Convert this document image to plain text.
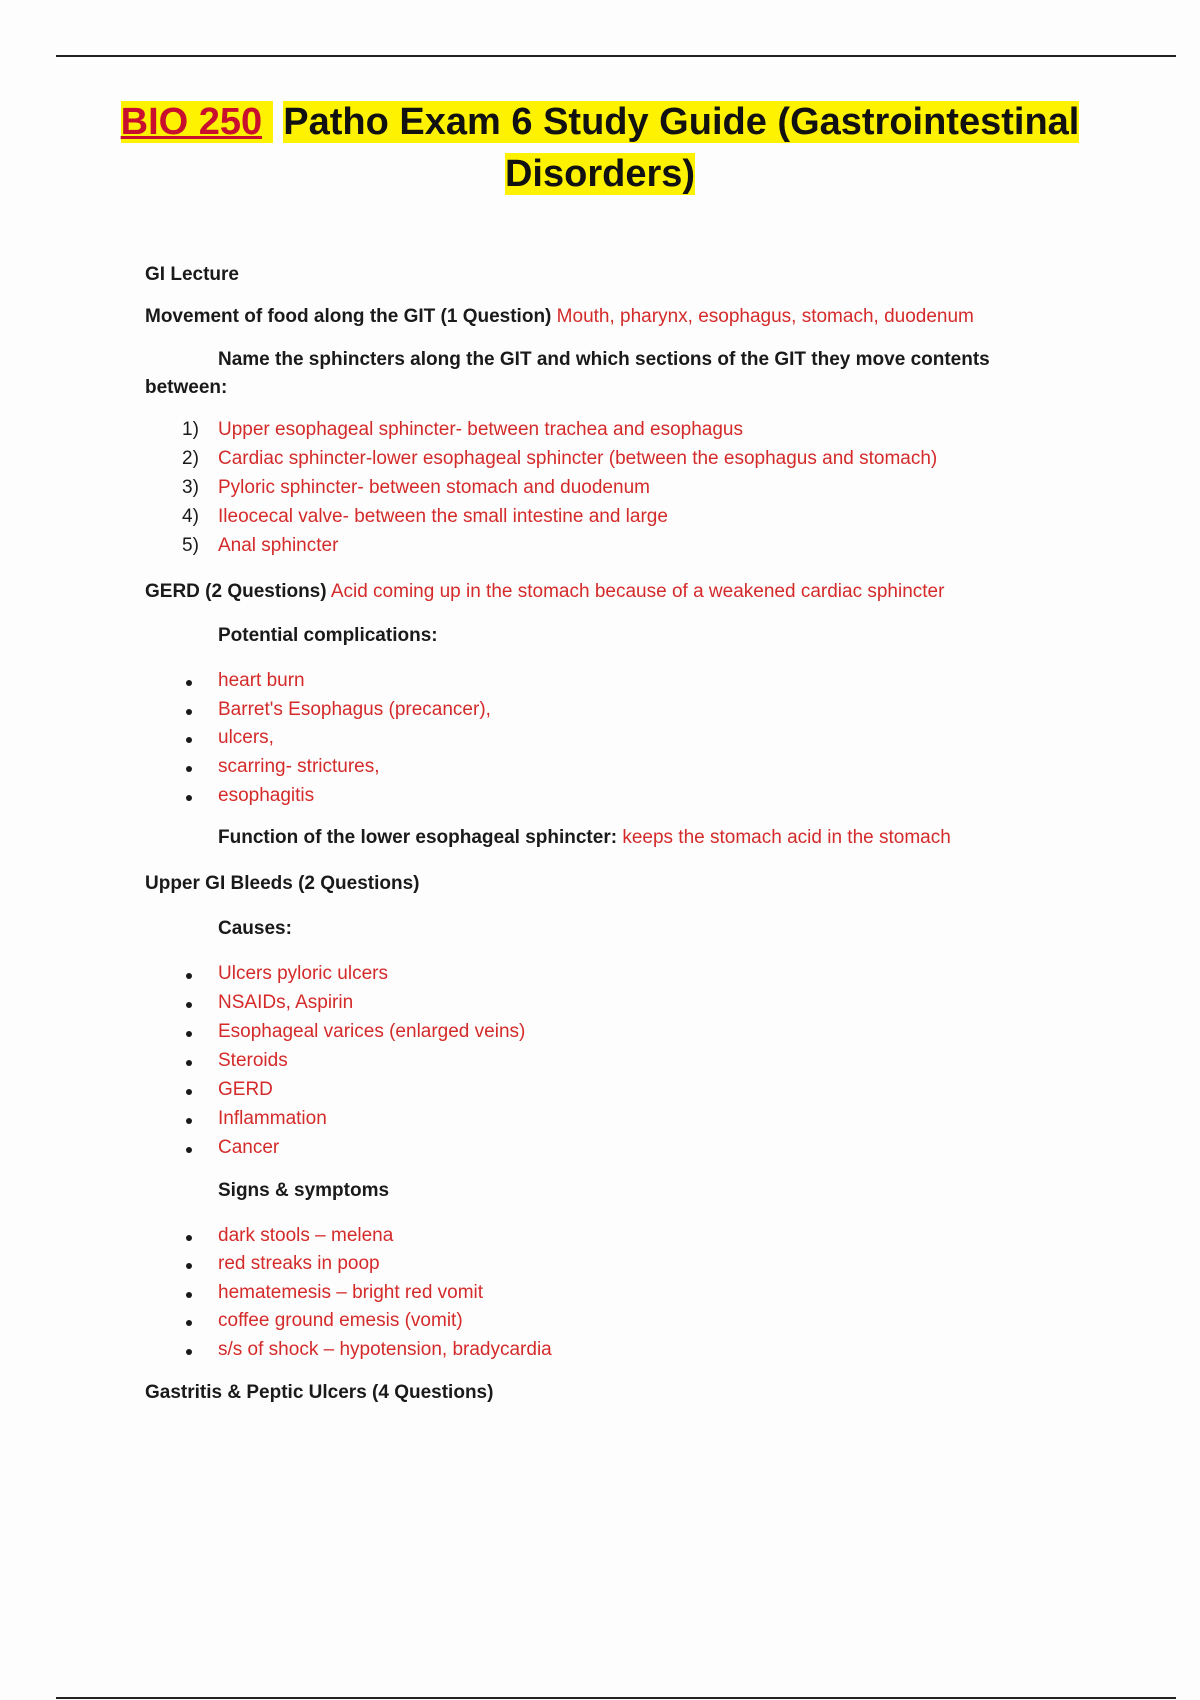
BIO 250 Patho Exam 6 Study Guide (Gastrointestinal
Disorders)
GI Lecture
Movement of food along the GIT (1 Question) Mouth, pharynx, esophagus, stomach, duodenum
Name the sphincters along the GIT and which sections of the GIT they move contents
between:
1)	Upper esophageal sphincter- between trachea and esophagus
2)	Cardiac sphincter-lower esophageal sphincter (between the esophagus and stomach)
3)	Pyloric sphincter- between stomach and duodenum
4)	Ileocecal valve- between the small intestine and large
5)	Anal sphincter
GERD (2 Questions) Acid coming up in the stomach because of a weakened cardiac sphincter
Potential complications:
heart burn
Barret's Esophagus (precancer),
ulcers,
scarring- strictures,
esophagitis
Function of the lower esophageal sphincter: keeps the stomach acid in the stomach
Upper GI Bleeds (2 Questions)
Causes:
Ulcers pyloric ulcers
NSAIDs, Aspirin
Esophageal varices (enlarged veins)
Steroids
GERD
Inflammation
Cancer
Signs & symptoms
dark stools – melena
red streaks in poop
hematemesis – bright red vomit
coffee ground emesis (vomit)
s/s of shock – hypotension, bradycardia
Gastritis & Peptic Ulcers (4 Questions)
